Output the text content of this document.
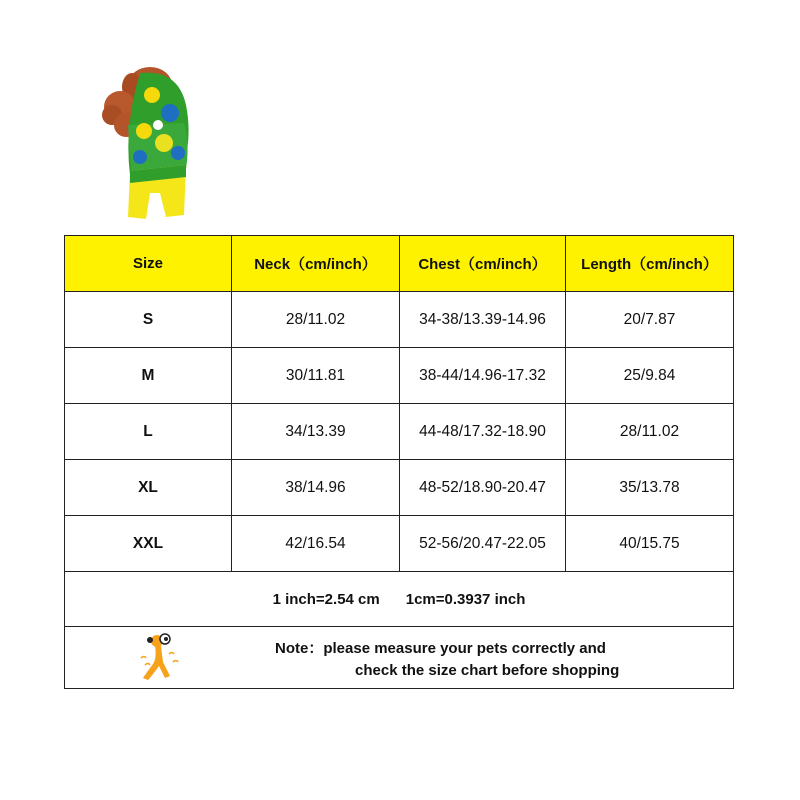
Size	Neck（cm/inch）	Chest（cm/inch）	Length（cm/inch）
S	28/11.02	34-38/13.39-14.96	20/7.87
M	30/11.81	38-44/14.96-17.32	25/9.84
L	34/13.39	44-48/17.32-18.90	28/11.02
XL	38/14.96	48-52/18.90-20.47	35/13.78
XXL	42/16.54	52-56/20.47-22.05	40/15.75
1 inch=2.54 cm 1cm=0.3937 inch			

Note：please measure your pets correctly and
check the size chart before shopping			
